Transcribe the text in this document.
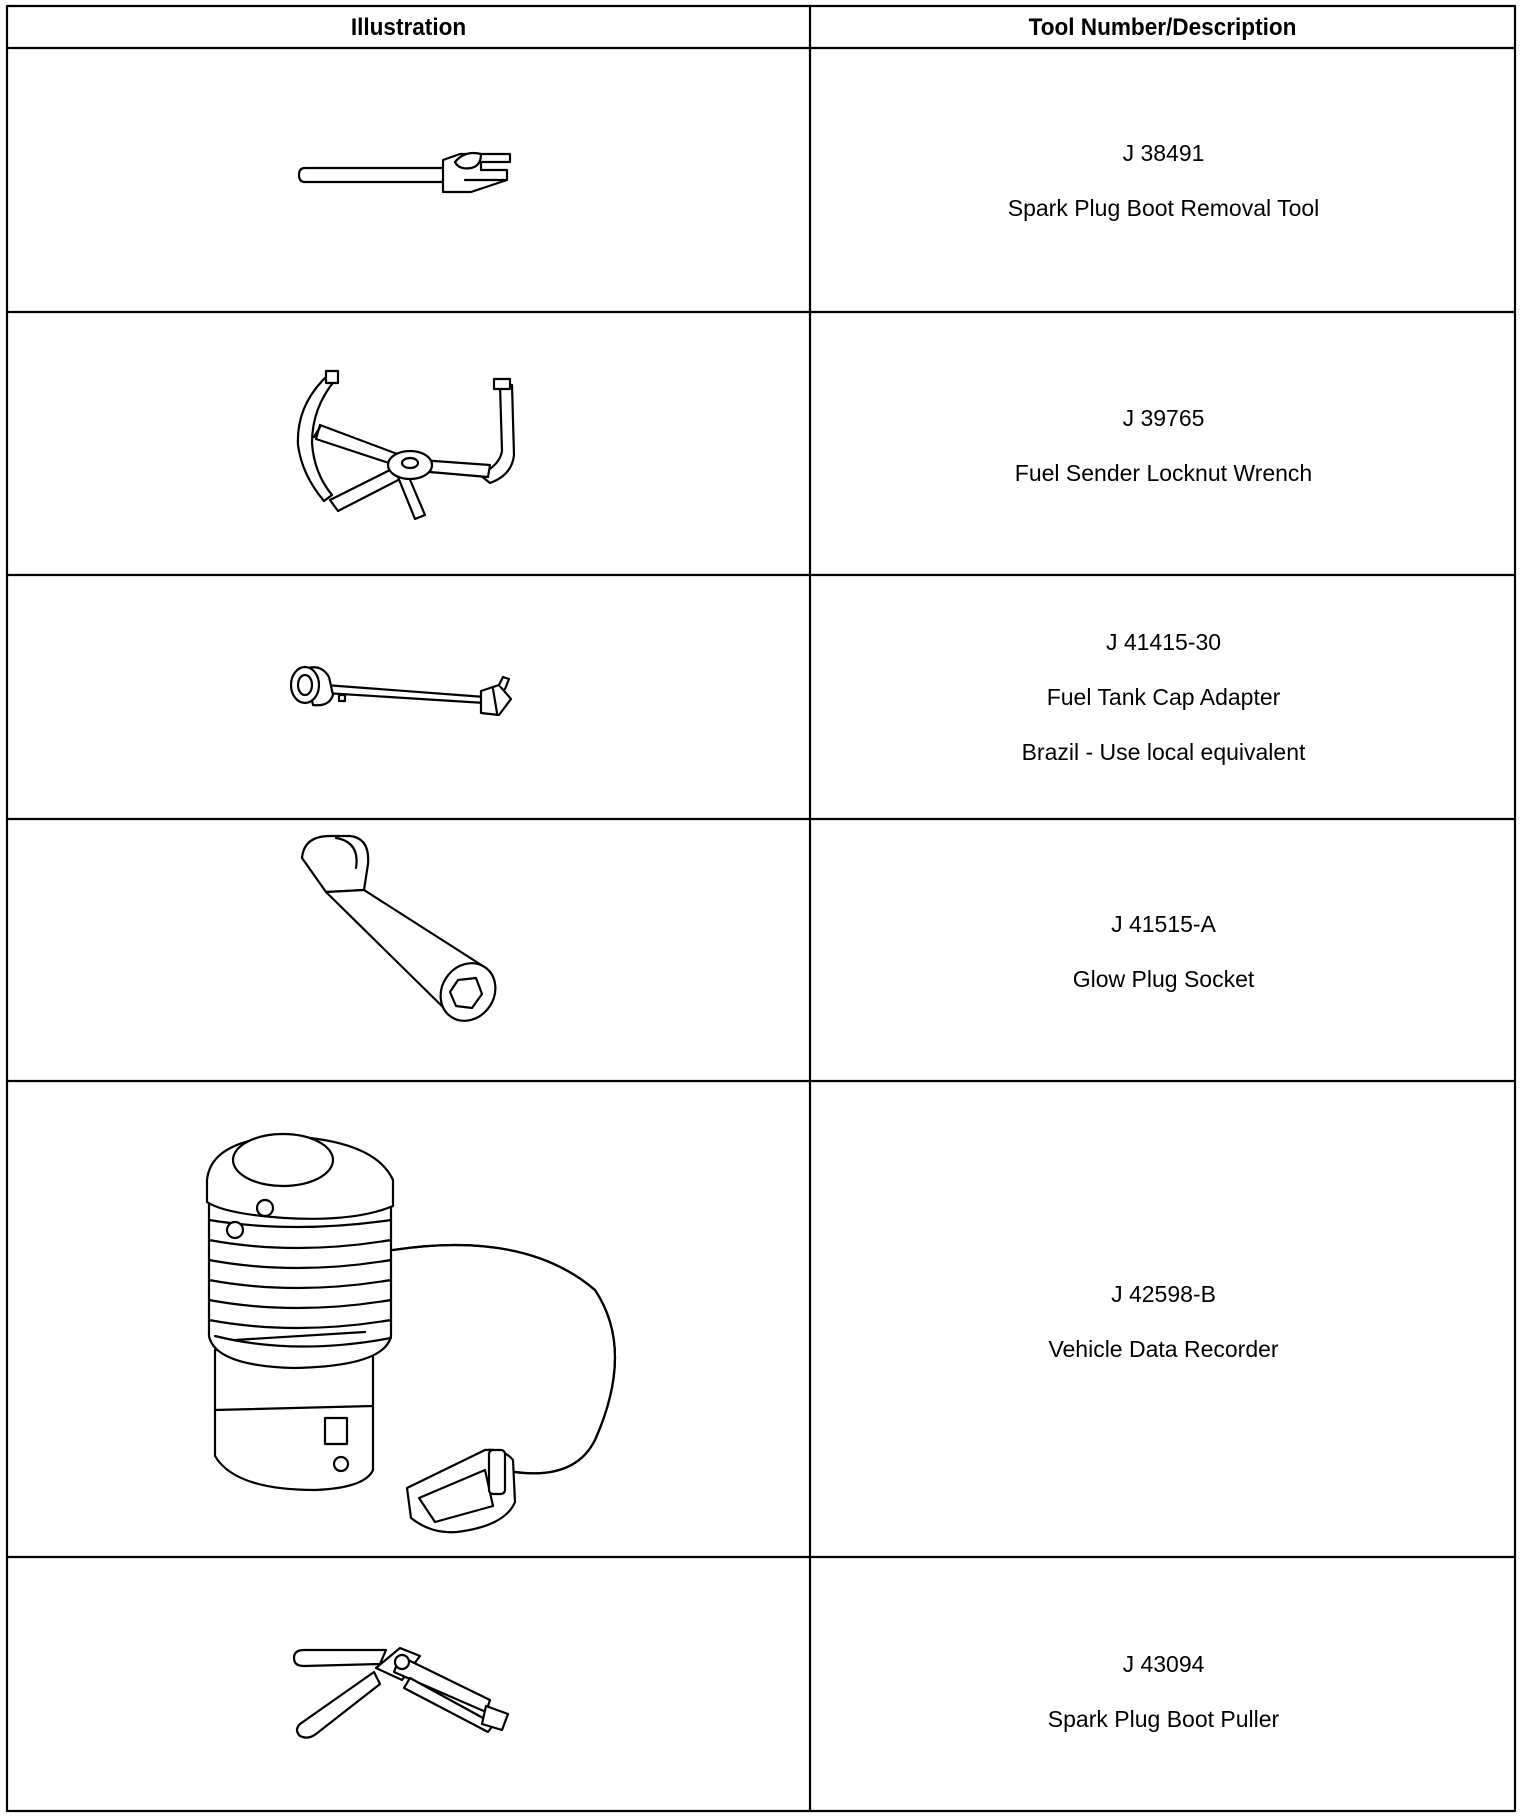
Illustration	Tool Number/Description
J 38491
Spark Plug Boot Removal Tool
J 39765
Fuel Sender Locknut Wrench
J 41415-30
Fuel Tank Cap Adapter
Brazil - Use local equivalent
J 41515-A
Glow Plug Socket
J 42598-B
Vehicle Data Recorder
J 43094
Spark Plug Boot Puller
